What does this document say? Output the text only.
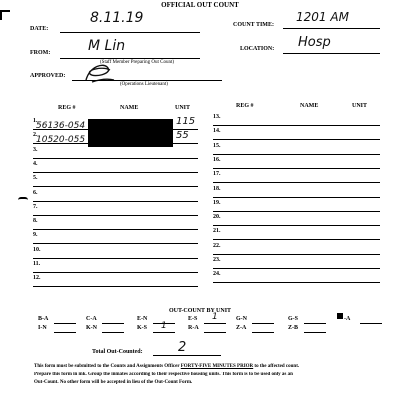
OFFICIAL OUT COUNT
DATE:
8.11.19	COUNT TIME:
1201 AM
FROM:	M Lin
(Staff Member Preparing Out Count)
LOCATION: Hosp
APPROVED:
(Operations Lieutenant)
REG #	NAME	UNIT	REG #	NAME	UNIT
1.
56136-054	115
2.
10520-055	55
3.
4.
5.
6.
7.
8.
9.
10.
11.
12.
13.
14.
15.
16.
17.
18.
19.
20.
21.
22.
23.
24.
OUT-COUNT BY UNIT
B-A	C-A	E-N	E-S 1	G-N	G-S	-A
I-N	K-N	K-S 1	R-A	Z-A	Z-B
Total Out-Counted:	2
This form must be submitted to the Counts and Assignments Officer FORTY-FIVE MINUTES PRIOR to the affected count.
Prepare this form in ink. Group the inmates according to their respective housing units. This form is to be used only as an
Out-Count. No other form will be accepted in lieu of the Out-Count Form.
